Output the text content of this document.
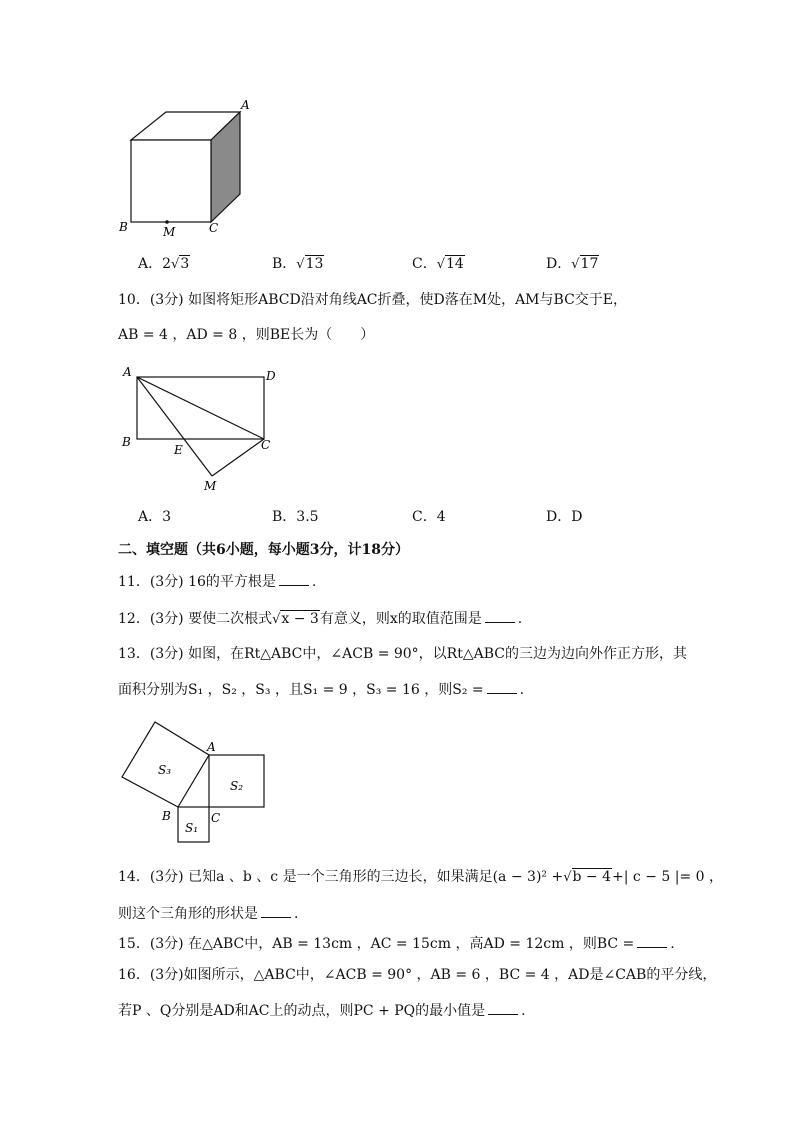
A
B	C
M
A．2√3	B．√13	C．√14	D．√17
10．(3分) 如图将矩形ABCD沿对角线AC折叠，使D落在M处，AM与BC交于E，
AB = 4 ，AD = 8 ，则BE长为（　　）
A	D
B	C
E
M
A．3	B．3.5	C．4	D．D
二、填空题（共6小题，每小题3分，计18分）
11．(3分) 16的平方根是	.
12．(3分) 要使二次根式√x − 3有意义，则x的取值范围是	.
13．(3分) 如图，在Rt△ABC中，∠ACB = 90°，以Rt△ABC的三边为边向外作正方形，其
面积分别为S₁ ，S₂ ，S₃ ，且S₁ = 9 ，S₃ = 16 ，则S₂ =	.
S₃
S₂
S₁
A
B	C
14．(3分) 已知a 、b 、c 是一个三角形的三边长，如果满足(a − 3)² +√b − 4+| c − 5 |= 0 ，
则这个三角形的形状是	.
15．(3分) 在△ABC中，AB = 13cm ，AC = 15cm ，高AD = 12cm ，则BC =	.
16．(3分)如图所示，△ABC中，∠ACB = 90° ，AB = 6 ，BC = 4 ，AD是∠CAB的平分线，
若P 、Q分别是AD和AC上的动点，则PC + PQ的最小值是	.
